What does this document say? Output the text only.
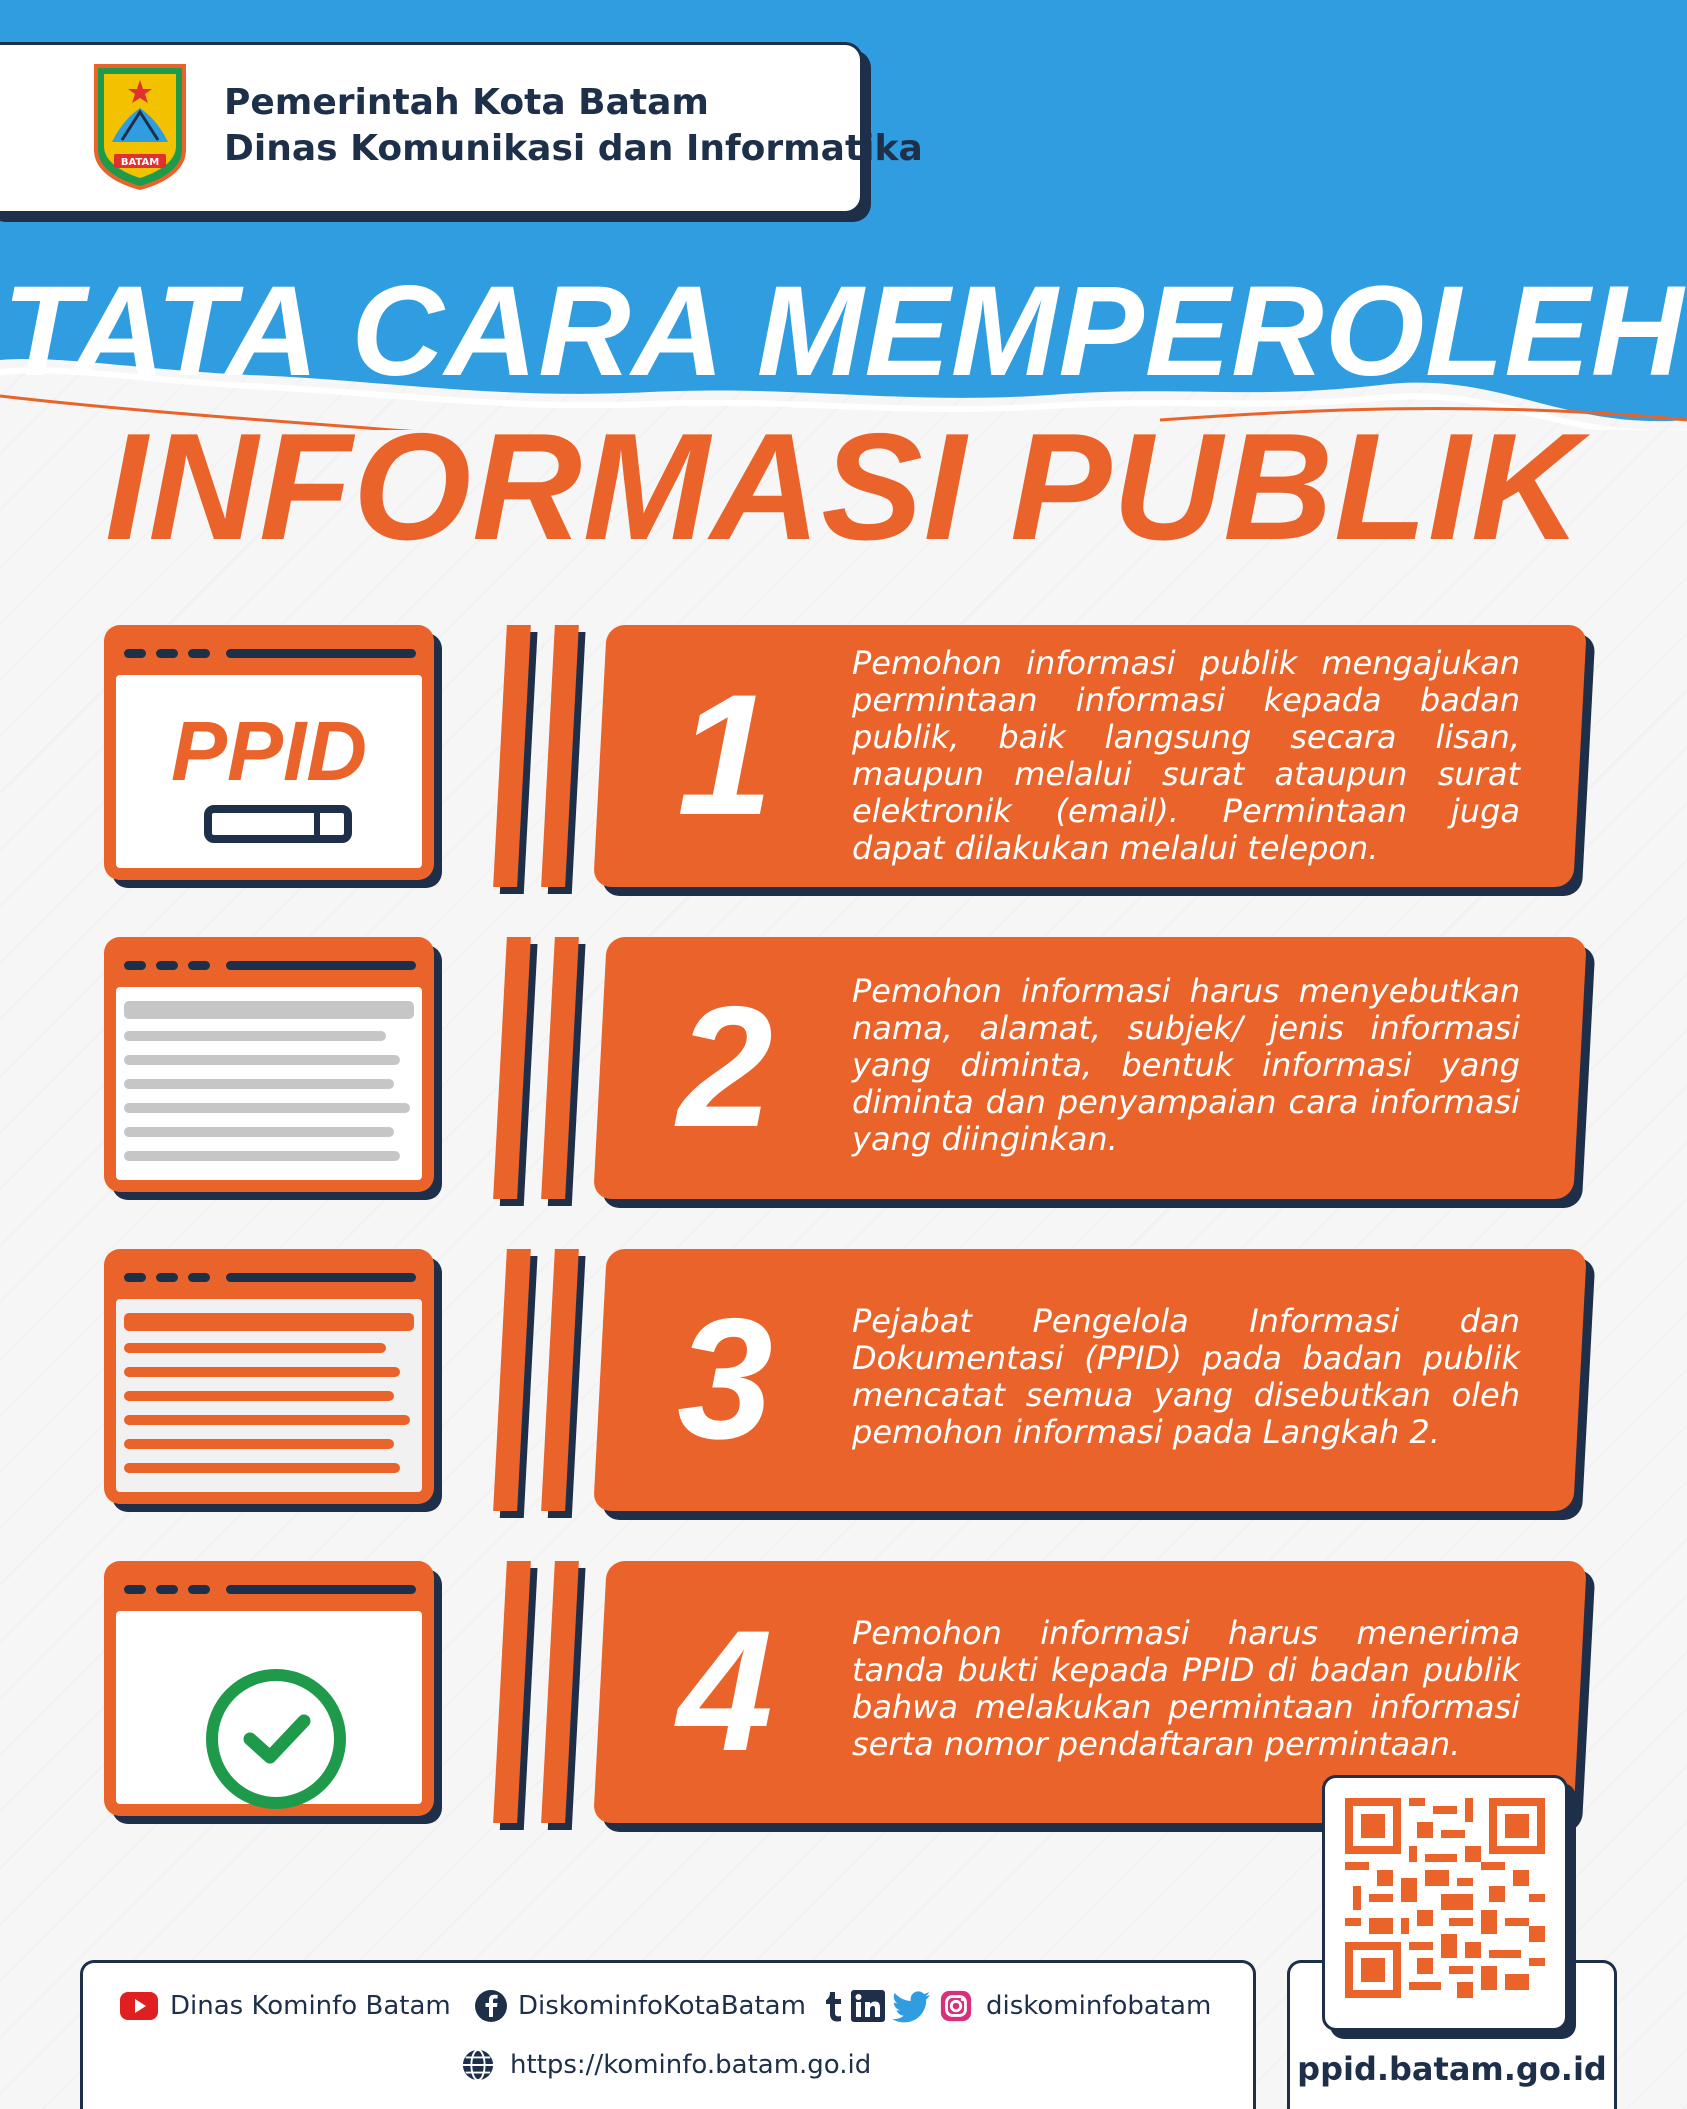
BATAM
Pemerintah Kota Batam
Dinas Komunikasi dan Informatika
TATA CARA MEMPEROLEH
INFORMASI PUBLIK
PPID	1	Pemohon informasi publik mengajukan permintaan informasi kepada badan publik, baik langsung secara lisan, maupun melalui surat ataupun surat elektronik (email). Permintaan juga dapat dilakukan melalui telepon.
2	Pemohon informasi harus menyebutkan nama, alamat, subjek/ jenis informasi yang diminta, bentuk informasi yang diminta dan penyampaian cara informasi yang diinginkan.
3	Pejabat Pengelola Informasi dan Dokumentasi (PPID) pada badan publik mencatat semua yang disebutkan oleh pemohon informasi pada Langkah 2.
4	Pemohon informasi harus menerima tanda bukti kepada PPID di badan publik bahwa melakukan permintaan informasi serta nomor pendaftaran permintaan.
Dinas Kominfo Batam	DiskominfoKotaBatam	diskominfobatam
https://kominfo.batam.go.id	ppid.batam.go.id
